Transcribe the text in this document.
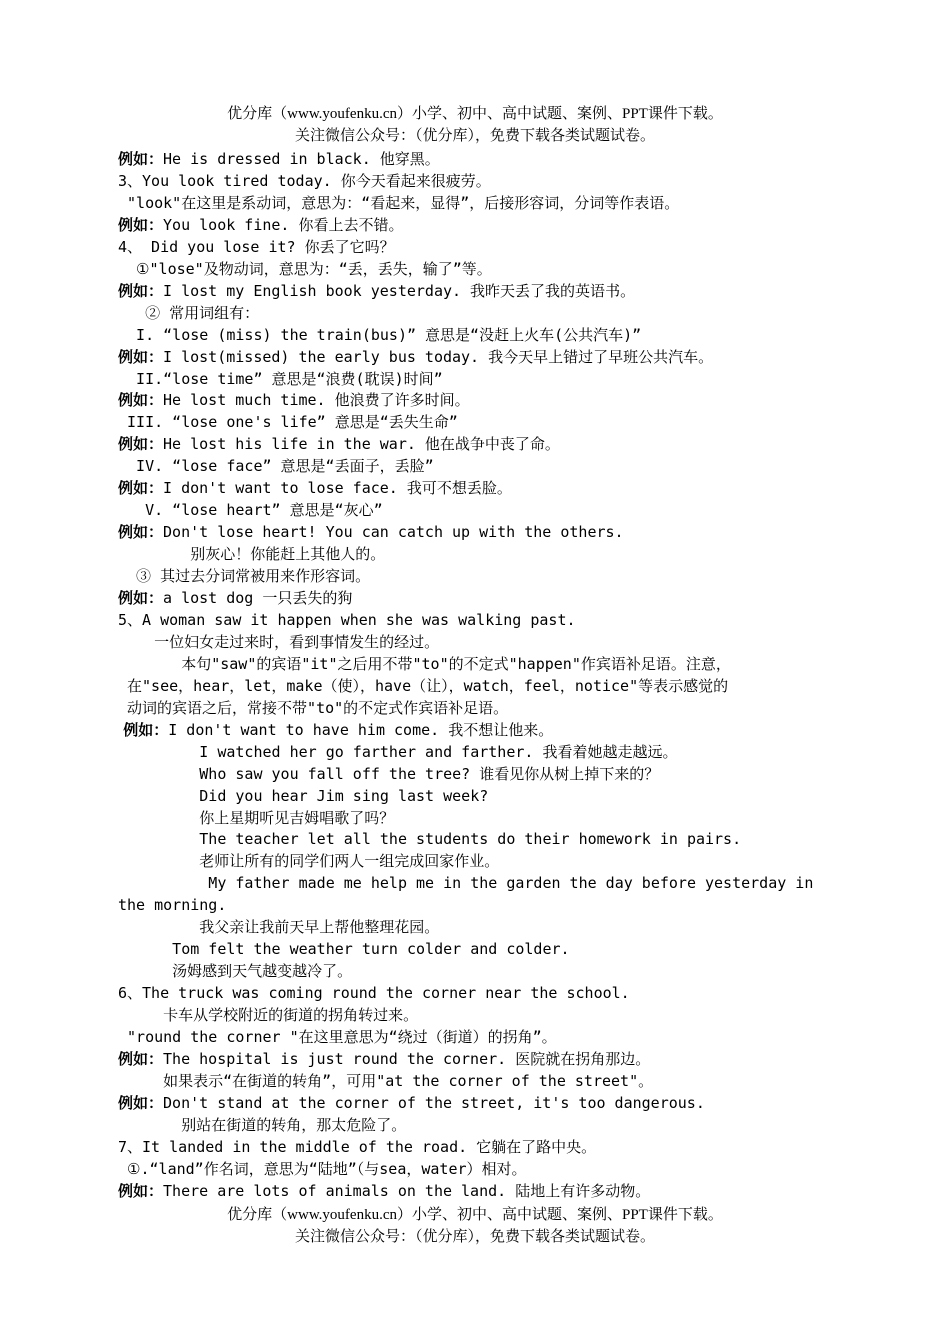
优分库（www.youfenku.cn）小学、初中、高中试题、案例、PPT课件下载。
关注微信公众号：（优分库），免费下载各类试题试卷。
例如：He is dressed in black. 他穿黑。
3、You look tired today. 你今天看起来很疲劳。
"look"在这里是系动词，意思为：“看起来，显得”，后接形容词，分词等作表语。
例如：You look fine. 你看上去不错。
4、 Did you lose it? 你丢了它吗？
①"lose"及物动词，意思为：“丢，丢失，输了”等。
例如：I lost my English book yesterday. 我昨天丢了我的英语书。
② 常用词组有：
I. “lose (miss) the train(bus)” 意思是“没赶上火车(公共汽车)”
例如：I lost(missed) the early bus today. 我今天早上错过了早班公共汽车。
II.“lose time” 意思是“浪费(耽误)时间”
例如：He lost much time. 他浪费了许多时间。
III. “lose one's life” 意思是“丢失生命”
例如：He lost his life in the war. 他在战争中丧了命。
IV. “lose face” 意思是“丢面子，丢脸”
例如：I don't want to lose face. 我可不想丢脸。
V. “lose heart” 意思是“灰心”
例如：Don't lose heart! You can catch up with the others.
别灰心！你能赶上其他人的。
③ 其过去分词常被用来作形容词。
例如：a lost dog 一只丢失的狗
5、A woman saw it happen when she was walking past.
一位妇女走过来时，看到事情发生的经过。
本句"saw"的宾语"it"之后用不带"to"的不定式"happen"作宾语补足语。注意，
在"see，hear，let，make（使），have（让），watch，feel，notice"等表示感觉的
动词的宾语之后，常接不带"to"的不定式作宾语补足语。
例如：I don't want to have him come. 我不想让他来。
I watched her go farther and farther. 我看着她越走越远。
Who saw you fall off the tree? 谁看见你从树上掉下来的？
Did you hear Jim sing last week?
你上星期听见吉姆唱歌了吗？
The teacher let all the students do their homework in pairs.
老师让所有的同学们两人一组完成回家作业。
My father made me help me in the garden the day before yesterday in
the morning.
我父亲让我前天早上帮他整理花园。
Tom felt the weather turn colder and colder.
汤姆感到天气越变越冷了。
6、The truck was coming round the corner near the school.
卡车从学校附近的街道的拐角转过来。
"round the corner "在这里意思为“绕过（街道）的拐角”。
例如：The hospital is just round the corner. 医院就在拐角那边。
如果表示“在街道的转角”，可用"at the corner of the street"。
例如：Don't stand at the corner of the street, it's too dangerous.
别站在街道的转角，那太危险了。
7、It landed in the middle of the road. 它躺在了路中央。
①.“land”作名词，意思为“陆地”（与sea，water）相对。
例如：There are lots of animals on the land. 陆地上有许多动物。
优分库（www.youfenku.cn）小学、初中、高中试题、案例、PPT课件下载。
关注微信公众号：（优分库），免费下载各类试题试卷。
